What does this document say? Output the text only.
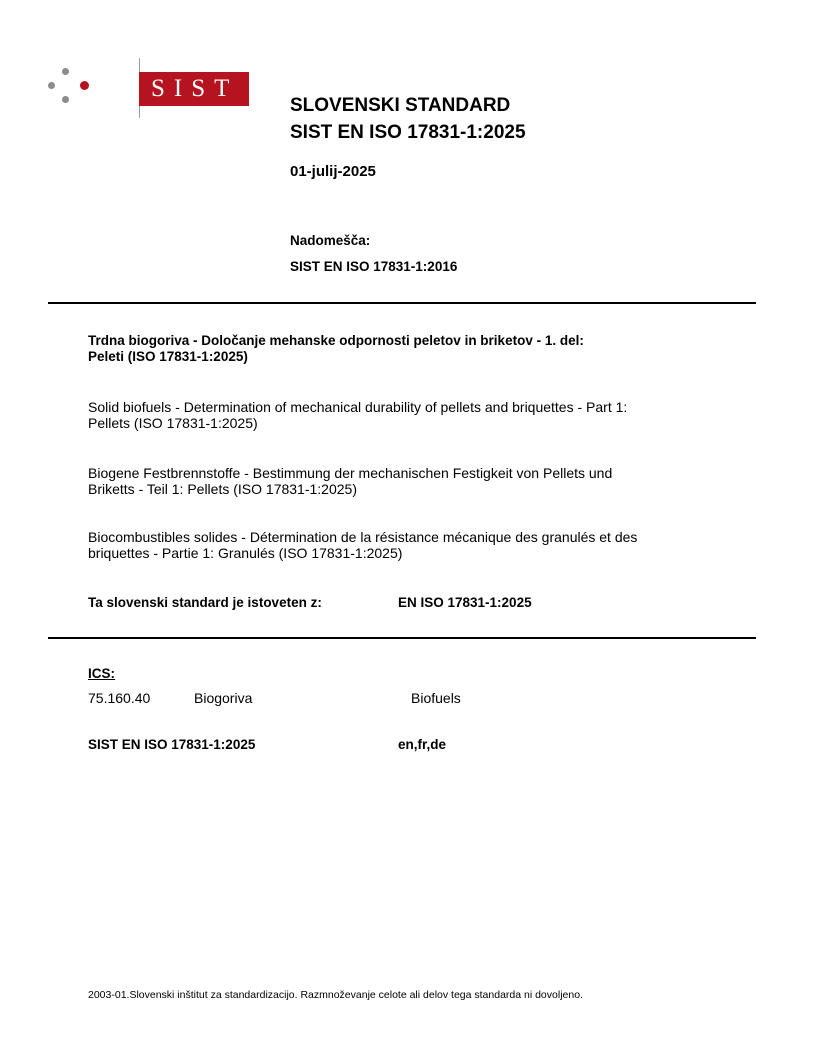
SIST
SLOVENSKI STANDARD
SIST EN ISO 17831-1:2025
01-julij-2025
Nadomešča:
SIST EN ISO 17831-1:2016
Trdna biogoriva - Določanje mehanske odpornosti peletov in briketov - 1. del:
Peleti (ISO 17831-1:2025)
Solid biofuels - Determination of mechanical durability of pellets and briquettes - Part 1:
Pellets (ISO 17831-1:2025)
Biogene Festbrennstoffe - Bestimmung der mechanischen Festigkeit von Pellets und
Briketts - Teil 1: Pellets (ISO 17831-1:2025)
Biocombustibles solides - Détermination de la résistance mécanique des granulés et des
briquettes - Partie 1: Granulés (ISO 17831-1:2025)
Ta slovenski standard je istoveten z:	EN ISO 17831-1:2025
ICS:
75.160.40	Biogoriva	Biofuels
SIST EN ISO 17831-1:2025	en,fr,de
2003-01.Slovenski inštitut za standardizacijo. Razmnoževanje celote ali delov tega standarda ni dovoljeno.
